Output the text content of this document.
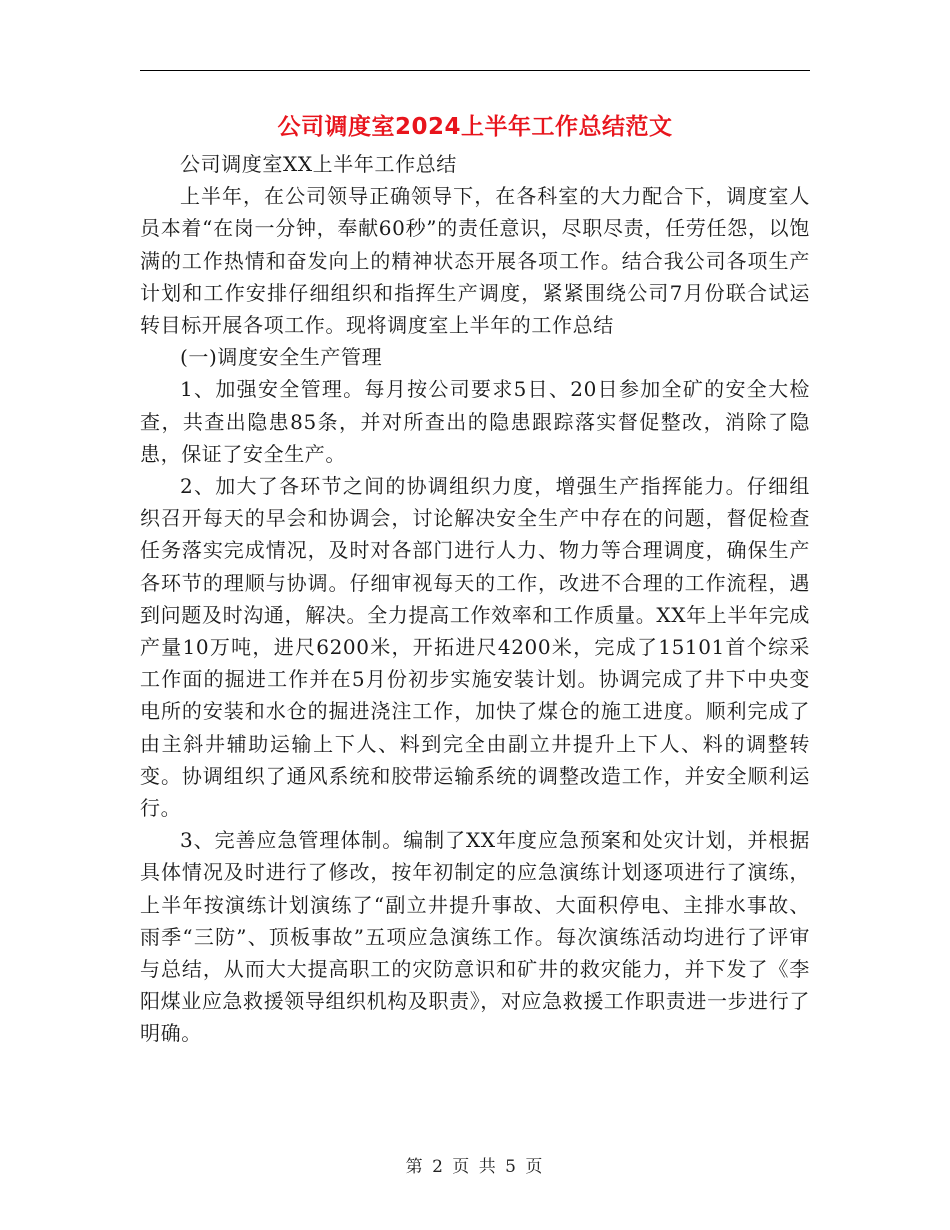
公司调度室2024上半年工作总结范文

公司调度室XX上半年工作总结

上半年，在公司领导正确领导下，在各科室的大力配合下，调度室人员本着“在岗一分钟，奉献60秒”的责任意识，尽职尽责，任劳任怨，以饱满的工作热情和奋发向上的精神状态开展各项工作。结合我公司各项生产计划和工作安排仔细组织和指挥生产调度，紧紧围绕公司7月份联合试运转目标开展各项工作。现将调度室上半年的工作总结

(一)调度安全生产管理

1、加强安全管理。每月按公司要求5日、20日参加全矿的安全大检查，共查出隐患85条，并对所查出的隐患跟踪落实督促整改，消除了隐患，保证了安全生产。

2、加大了各环节之间的协调组织力度，增强生产指挥能力。仔细组织召开每天的早会和协调会，讨论解决安全生产中存在的问题，督促检查任务落实完成情况，及时对各部门进行人力、物力等合理调度，确保生产各环节的理顺与协调。仔细审视每天的工作，改进不合理的工作流程，遇到问题及时沟通，解决。全力提高工作效率和工作质量。XX年上半年完成产量10万吨，进尺6200米，开拓进尺4200米，完成了15101首个综采工作面的掘进工作并在5月份初步实施安装计划。协调完成了井下中央变电所的安装和水仓的掘进浇注工作，加快了煤仓的施工进度。顺利完成了由主斜井辅助运输上下人、料到完全由副立井提升上下人、料的调整转变。协调组织了通风系统和胶带运输系统的调整改造工作，并安全顺利运行。

3、完善应急管理体制。编制了XX年度应急预案和处灾计划，并根据具体情况及时进行了修改，按年初制定的应急演练计划逐项进行了演练，上半年按演练计划演练了“副立井提升事故、大面积停电、主排水事故、雨季“三防”、顶板事故”五项应急演练工作。每次演练活动均进行了评审与总结，从而大大提高职工的灾防意识和矿井的救灾能力，并下发了《李阳煤业应急救援领导组织机构及职责》，对应急救援工作职责进一步进行了明确。

第 2 页 共 5 页
